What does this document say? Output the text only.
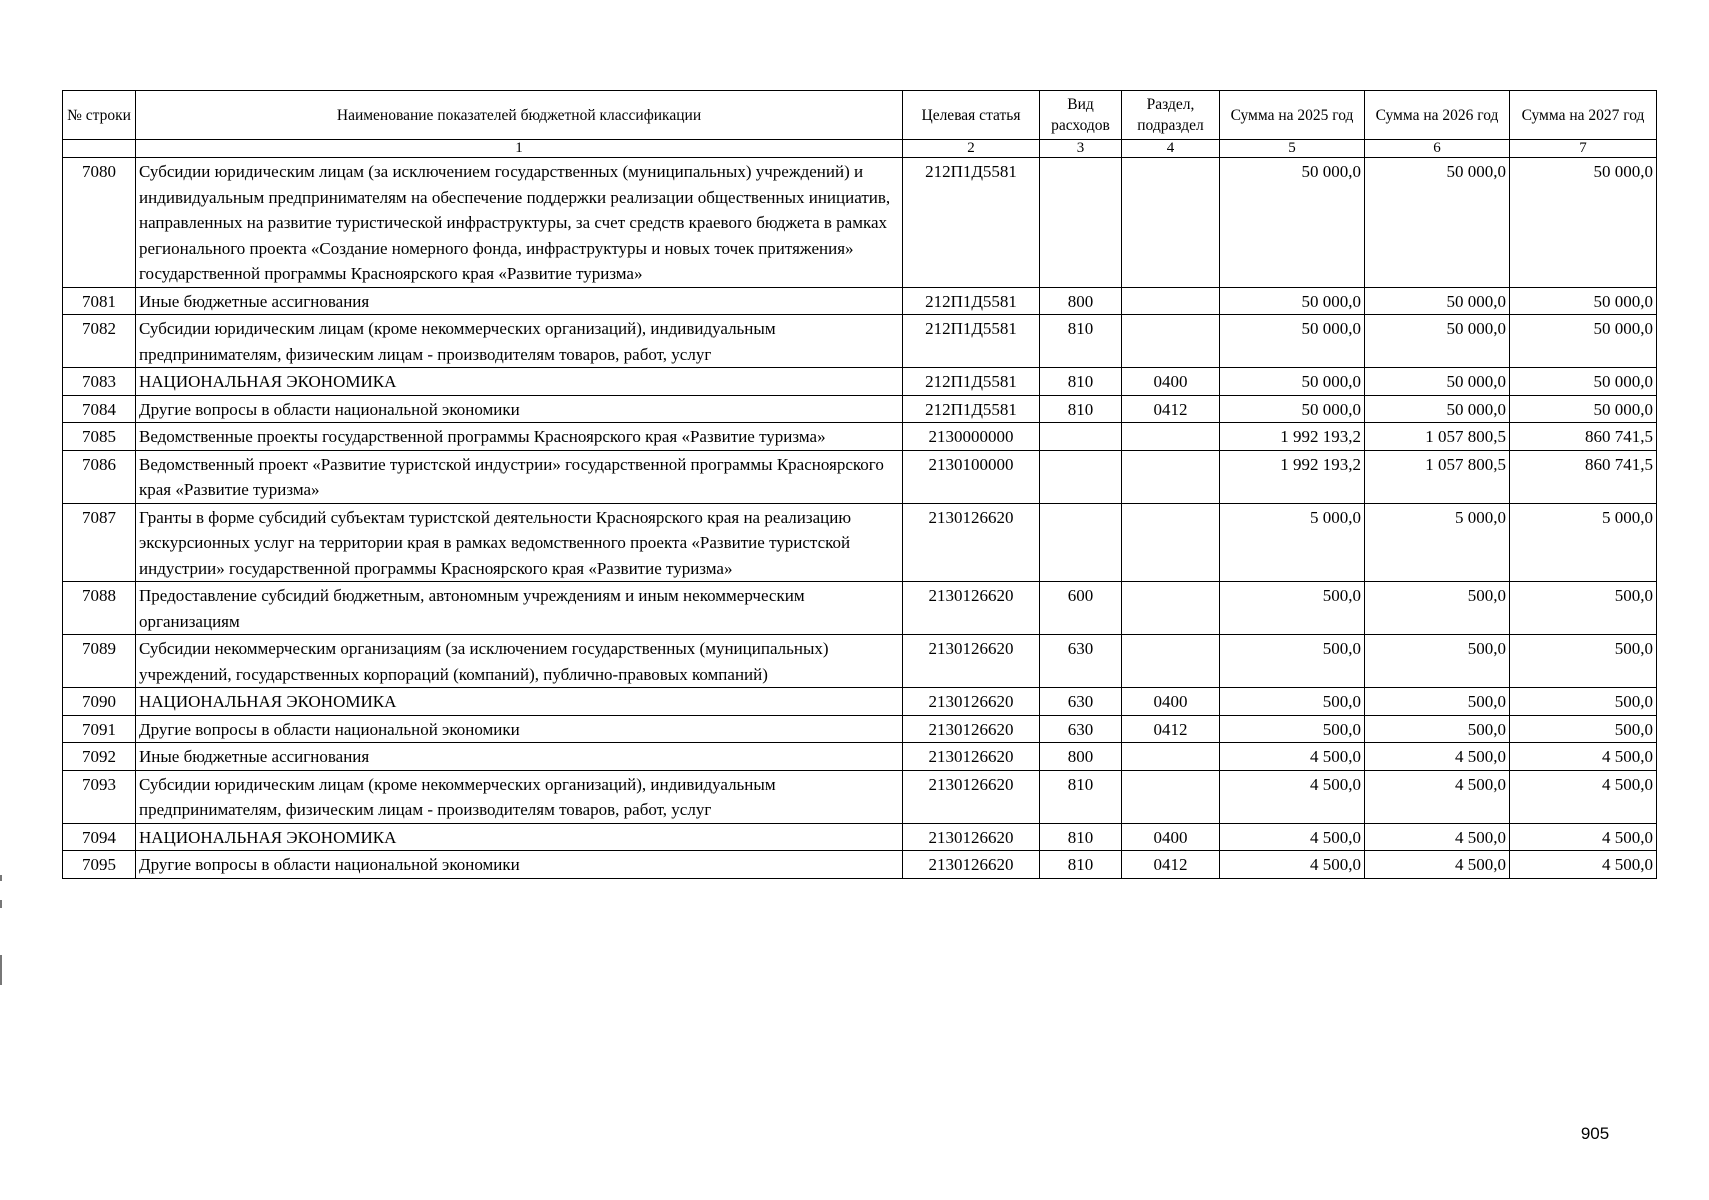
№ строки	Наименование показателей бюджетной классификации	Целевая статья	Вид расходов	Раздел, подраздел	Сумма на 2025 год	Сумма на 2026 год	Сумма на 2027 год
	1	2	3	4	5	6	7
7080	Субсидии юридическим лицам (за исключением государственных (муниципальных) учреждений) и индивидуальным предпринимателям на обеспечение поддержки реализации общественных инициатив, направленных на развитие туристической инфраструктуры, за счет средств краевого бюджета в рамках регионального проекта «Создание номерного фонда, инфраструктуры и новых точек притяжения» государственной программы Красноярского края «Развитие туризма»	212П1Д5581			50 000,0	50 000,0	50 000,0
7081	Иные бюджетные ассигнования	212П1Д5581	800		50 000,0	50 000,0	50 000,0
7082	Субсидии юридическим лицам (кроме некоммерческих организаций), индивидуальным предпринимателям, физическим лицам - производителям товаров, работ, услуг	212П1Д5581	810		50 000,0	50 000,0	50 000,0
7083	НАЦИОНАЛЬНАЯ ЭКОНОМИКА	212П1Д5581	810	0400	50 000,0	50 000,0	50 000,0
7084	Другие вопросы в области национальной экономики	212П1Д5581	810	0412	50 000,0	50 000,0	50 000,0
7085	Ведомственные проекты государственной программы Красноярского края «Развитие туризма»	2130000000			1 992 193,2	1 057 800,5	860 741,5
7086	Ведомственный проект «Развитие туристской индустрии» государственной программы Красноярского края «Развитие туризма»	2130100000			1 992 193,2	1 057 800,5	860 741,5
7087	Гранты в форме субсидий субъектам туристской деятельности Красноярского края на реализацию экскурсионных услуг на территории края в рамках ведомственного проекта «Развитие туристской индустрии» государственной программы Красноярского края «Развитие туризма»	2130126620			5 000,0	5 000,0	5 000,0
7088	Предоставление субсидий бюджетным, автономным учреждениям и иным некоммерческим организациям	2130126620	600		500,0	500,0	500,0
7089	Субсидии некоммерческим организациям (за исключением государственных (муниципальных) учреждений, государственных корпораций (компаний), публично-правовых компаний)	2130126620	630		500,0	500,0	500,0
7090	НАЦИОНАЛЬНАЯ ЭКОНОМИКА	2130126620	630	0400	500,0	500,0	500,0
7091	Другие вопросы в области национальной экономики	2130126620	630	0412	500,0	500,0	500,0
7092	Иные бюджетные ассигнования	2130126620	800		4 500,0	4 500,0	4 500,0
7093	Субсидии юридическим лицам (кроме некоммерческих организаций), индивидуальным предпринимателям, физическим лицам - производителям товаров, работ, услуг	2130126620	810		4 500,0	4 500,0	4 500,0
7094	НАЦИОНАЛЬНАЯ ЭКОНОМИКА	2130126620	810	0400	4 500,0	4 500,0	4 500,0
7095	Другие вопросы в области национальной экономики	2130126620	810	0412	4 500,0	4 500,0	4 500,0
905
